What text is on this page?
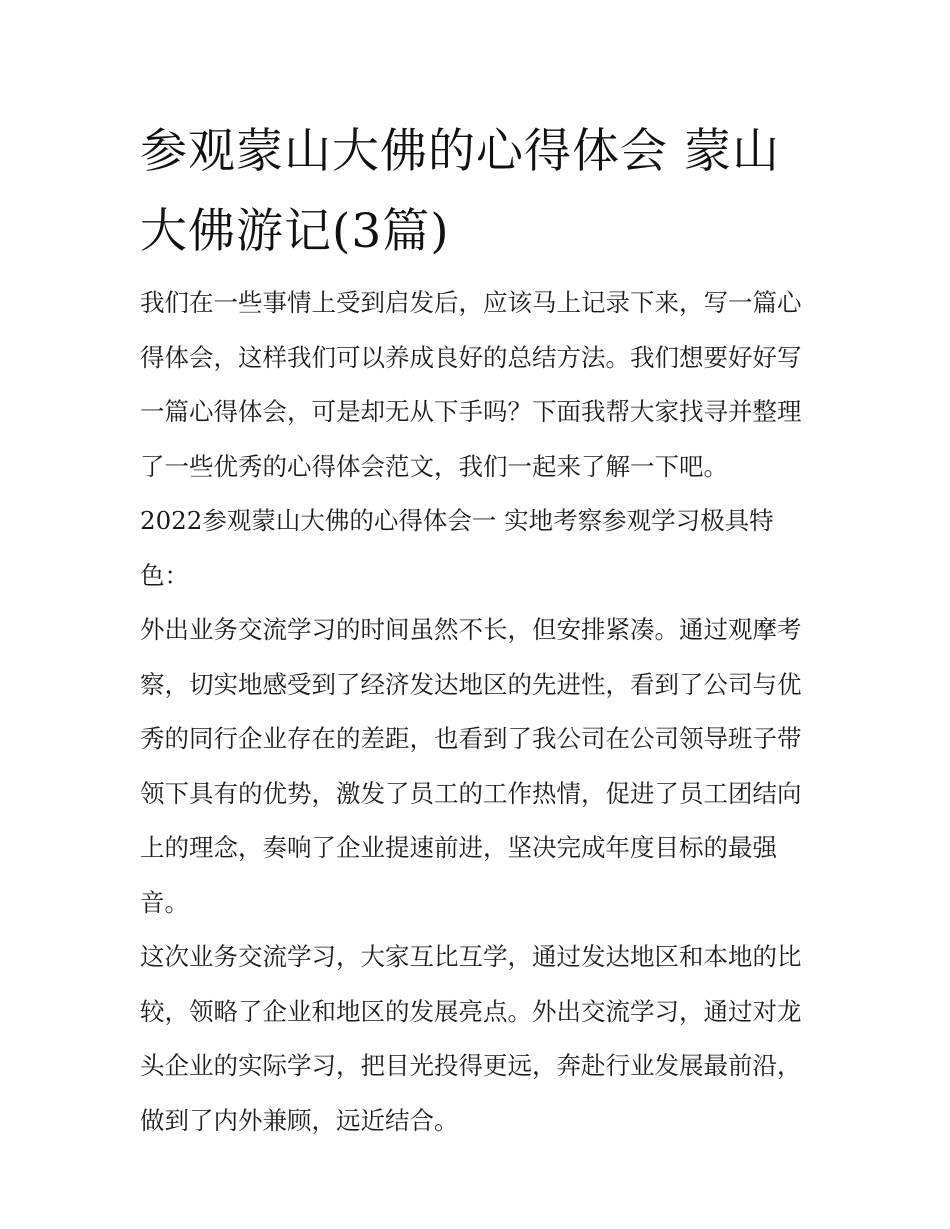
参观蒙山大佛的心得体会 蒙山大佛游记(3篇)

我们在一些事情上受到启发后，应该马上记录下来，写一篇心得体会，这样我们可以养成良好的总结方法。我们想要好好写一篇心得体会，可是却无从下手吗？下面我帮大家找寻并整理了一些优秀的心得体会范文，我们一起来了解一下吧。

2022参观蒙山大佛的心得体会一 实地考察参观学习极具特色：

外出业务交流学习的时间虽然不长，但安排紧凑。通过观摩考察，切实地感受到了经济发达地区的先进性，看到了公司与优秀的同行企业存在的差距，也看到了我公司在公司领导班子带领下具有的优势，激发了员工的工作热情，促进了员工团结向上的理念，奏响了企业提速前进，坚决完成年度目标的最强音。

这次业务交流学习，大家互比互学，通过发达地区和本地的比较，领略了企业和地区的发展亮点。外出交流学习，通过对龙头企业的实际学习，把目光投得更远，奔赴行业发展最前沿，做到了内外兼顾，远近结合。
